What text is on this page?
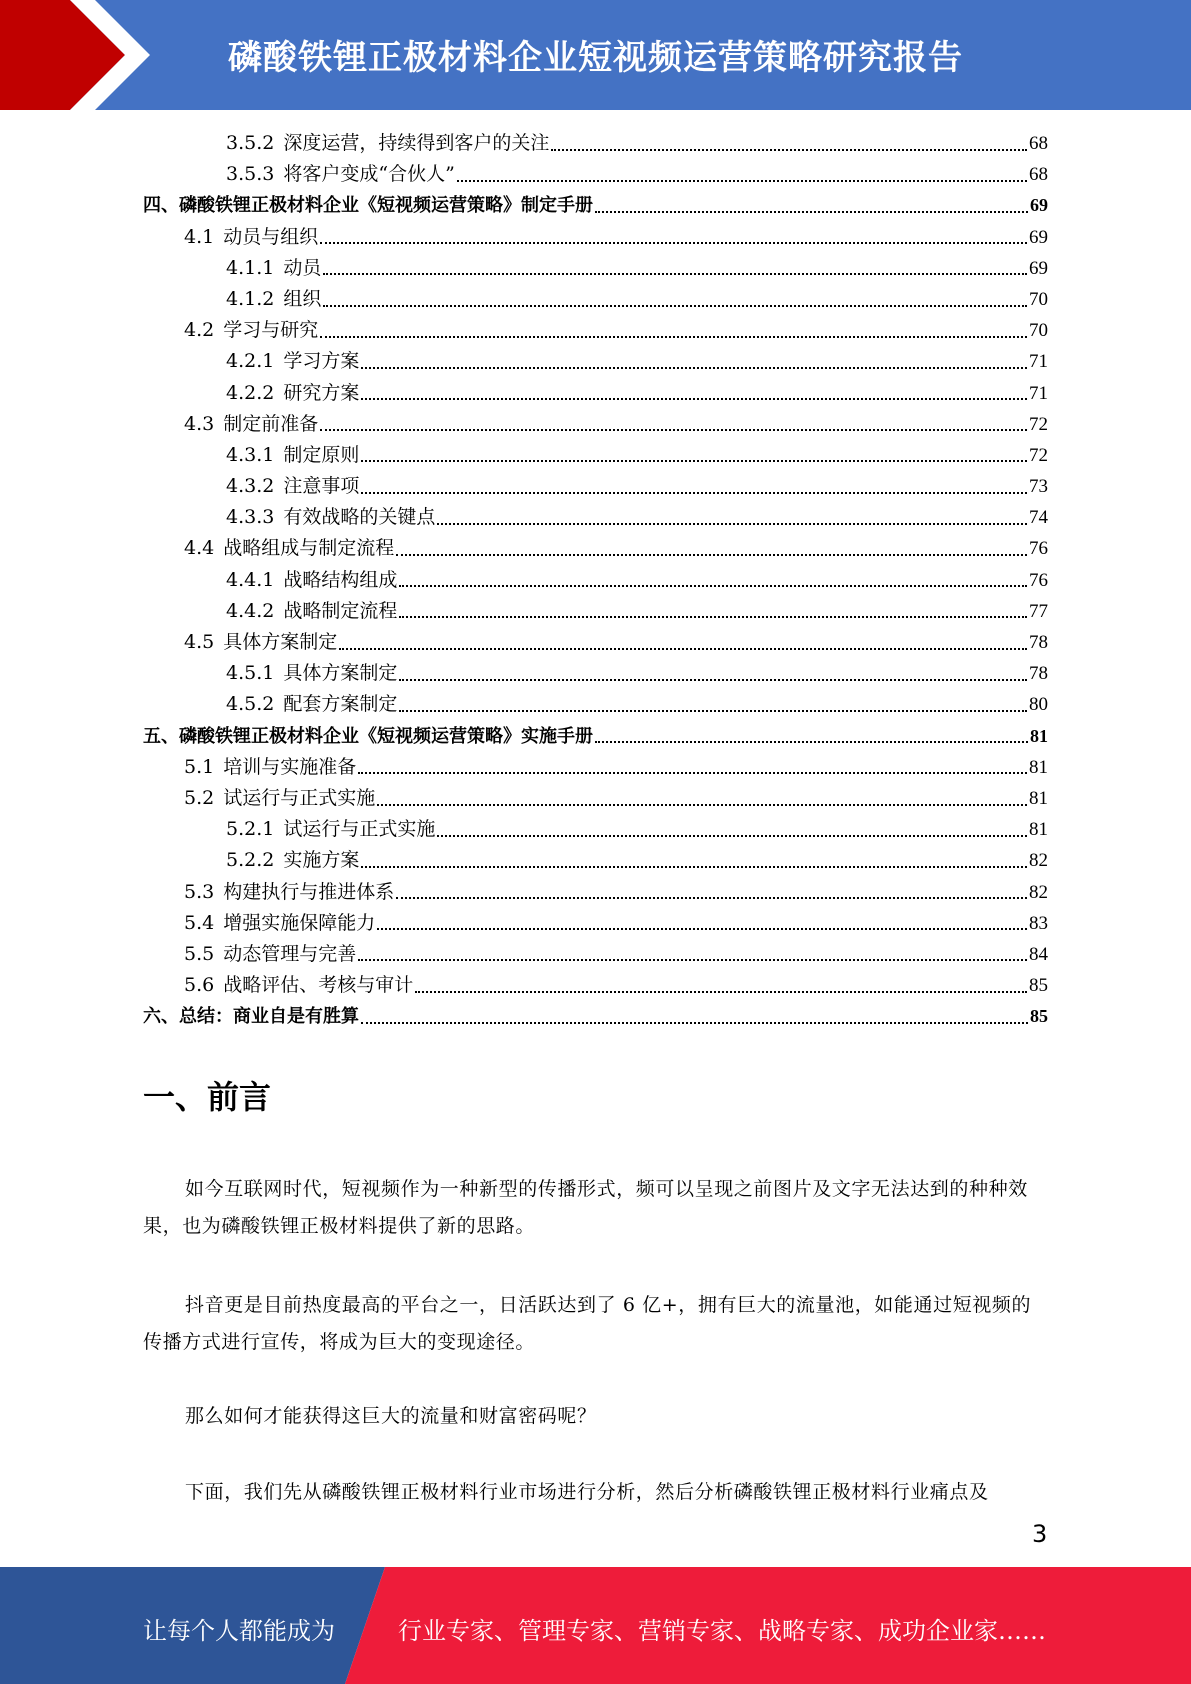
磷酸铁锂正极材料企业短视频运营策略研究报告
3.5.2 深度运营，持续得到客户的关注	68
3.5.3 将客户变成“合伙人”	68
四、磷酸铁锂正极材料企业《短视频运营策略》制定手册	69
4.1 动员与组织	69
4.1.1 动员	69
4.1.2 组织	70
4.2 学习与研究	70
4.2.1 学习方案	71
4.2.2 研究方案	71
4.3 制定前准备	72
4.3.1 制定原则	72
4.3.2 注意事项	73
4.3.3 有效战略的关键点	74
4.4 战略组成与制定流程	76
4.4.1 战略结构组成	76
4.4.2 战略制定流程	77
4.5 具体方案制定	78
4.5.1 具体方案制定	78
4.5.2 配套方案制定	80
五、磷酸铁锂正极材料企业《短视频运营策略》实施手册	81
5.1 培训与实施准备	81
5.2 试运行与正式实施	81
5.2.1 试运行与正式实施	81
5.2.2 实施方案	82
5.3 构建执行与推进体系	82
5.4 增强实施保障能力	83
5.5 动态管理与完善	84
5.6 战略评估、考核与审计	85
六、总结：商业自是有胜算	85
一、前言

如今互联网时代，短视频作为一种新型的传播形式，频可以呈现之前图片及文字无法达到的种种效果，也为磷酸铁锂正极材料提供了新的思路。

抖音更是目前热度最高的平台之一，日活跃达到了 6 亿+，拥有巨大的流量池，如能通过短视频的传播方式进行宣传，将成为巨大的变现途径。

那么如何才能获得这巨大的流量和财富密码呢？

下面，我们先从磷酸铁锂正极材料行业市场进行分析，然后分析磷酸铁锂正极材料行业痛点及

3
让每个人都能成为	行业专家、管理专家、营销专家、战略专家、成功企业家……
